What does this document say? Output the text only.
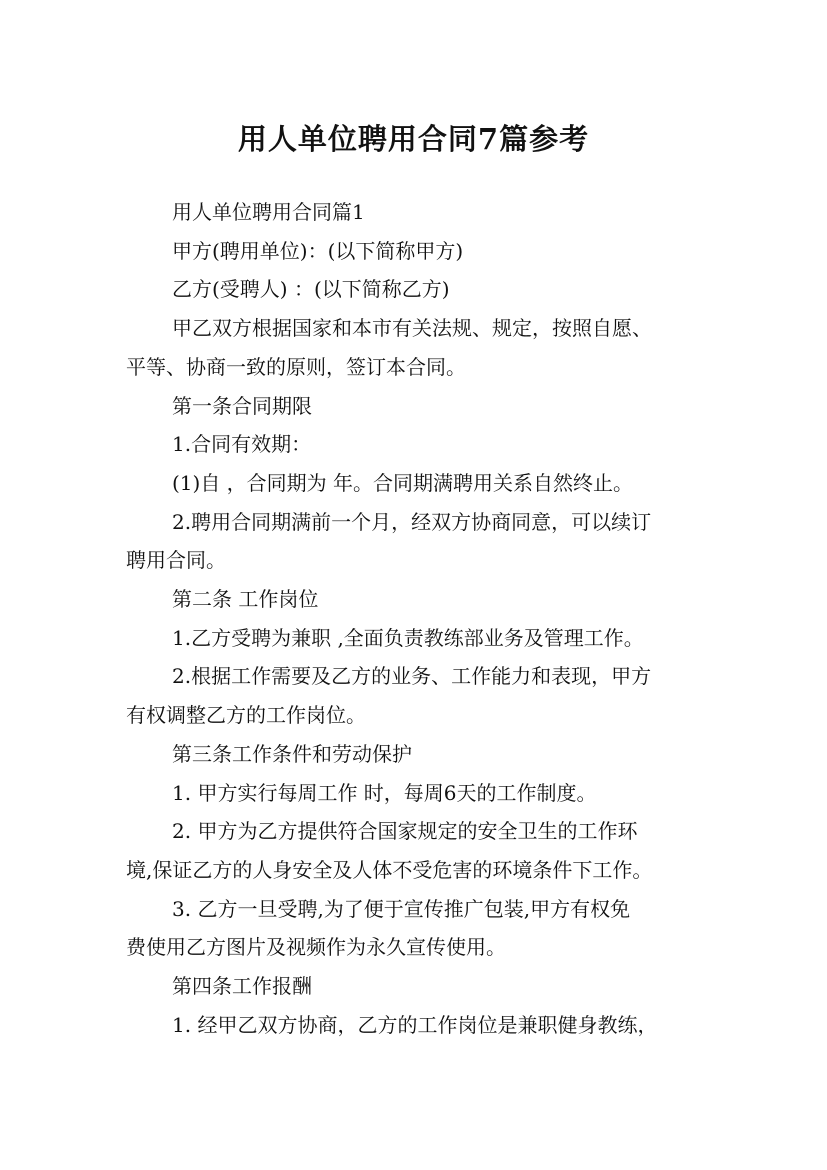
用人单位聘用合同7篇参考

用人单位聘用合同篇1

甲方(聘用单位)：(以下简称甲方)

乙方(受聘人) ：(以下简称乙方)

甲乙双方根据国家和本市有关法规、规定，按照自愿、

平等、协商一致的原则，签订本合同。

第一条合同期限

1.合同有效期：

(1)自 ，合同期为 年。合同期满聘用关系自然终止。

2.聘用合同期满前一个月，经双方协商同意，可以续订

聘用合同。

第二条 工作岗位

1.乙方受聘为兼职 ,全面负责教练部业务及管理工作。

2.根据工作需要及乙方的业务、工作能力和表现，甲方

有权调整乙方的工作岗位。

第三条工作条件和劳动保护

1. 甲方实行每周工作 时，每周6天的工作制度。

2. 甲方为乙方提供符合国家规定的安全卫生的工作环

境,保证乙方的人身安全及人体不受危害的环境条件下工作。

3. 乙方一旦受聘,为了便于宣传推广包装,甲方有权免

费使用乙方图片及视频作为永久宣传使用。

第四条工作报酬

1. 经甲乙双方协商，乙方的工作岗位是兼职健身教练，
